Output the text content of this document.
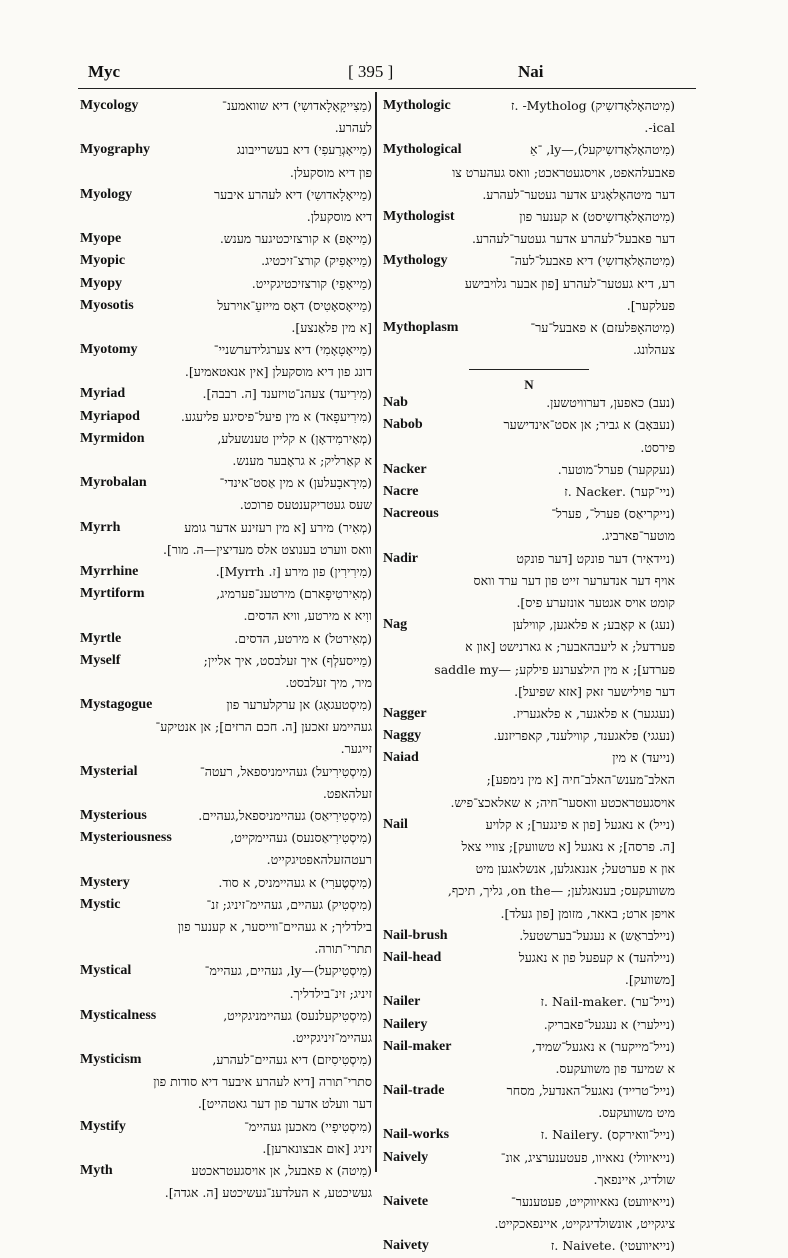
Myc	[ 395 ]	Nai
Mycology	(מַצִייקָאָלָאדושִי) דיא שוואמענ־
לעהרע.
Myography	(מַייאָגְרַעפִי) דיא בעשרייבונג
פון דיא מוסקעלן.
Myology	(מַייאָלָאדושִי) דיא לעהרע איבער
דיא מוסקעלן.
Myope	(מַייאָפ) א קורצזיכטיגער מענש.
Myopic	(מַייאָפִיק) קורצ־זיכטיג.
Myopy	(מַייאָפִי) קורצזיכטיגקייט.
Myosotis	(מַייאָסאָטִיס) דאָס מייזעַ־אוירעל
[א מין פלאַנצע].
Myotomy	(מַייאָטָאָמִי) דיא צערגלידערשניי־
דונג פון דיא מוסקעלן [אין אנאטאמיע].
Myriad	(מִירִיעד) צעהנ־טויזענד [ה. רבבה].
Myriapod	(מִירִיעפָאד) א מין פיעל־פיסיגע פליעגע.
Myrmidon	(מְאַירמִידאָן) א קליין טענשעלע,
א קאַרליק; א גראָבער מענש.
Myrobalan	(מִירָאבָעלען) א מין אַסט־אינדי־
שעס געטריקענטעס פרוכט.
Myrrh	(מְאִיר) מירע [א מין רעזינע אדער גומע
וואס ווערט בענוצט אלס מעדיצין—ה. מור].
Myrrhine	(מִירִירִין) פון מירע [ז. Myrrh].
Myrtiform	(מְאִירטִיפָארם) מירטענ־פערמיג,
ווִיא א מירטע, וויא הדסים.
Myrtle	(מְאִירטל) א מירטע, הדסים.
Myself	(מַייסעלְף) איך זעלבסט, איך אליין;
מיר, מיך זעלבסט.
Mystagogue	(מִיסְטעגאָג) אן ערקלערער פון
געהיימע זאכען [ה. חכם הרזים]; אן אנטיקע־
זייגער.
Mysterial	(מִיסְטִירִיעל) געהיימניספאל, רעטה־
זעלהאפט.
Mysterious	(מִיסְטִירִיאַס) געהיימניספאל,געהיים.
Mysteriousness	(מִיסְטִירִיאַסנעס) געהיימקייט,
רעטהזעלהאפטיגקייט.
Mystery	(מִיסְטֶערִי) א געהיימניס, א סוד.
Mystic	(מִיסְטִיק) געהיים, געהיימ־זיניג; זנ־
בילדליך; א געהיים־ווייסער, א קענער פון
תתרי־תורה.
Mystical	(מִיסְטִיקעל)—ly, געהיים, געהיימ־
זיניג; זינ־בילדליך.
Mysticalness	(מִיסְטִיקעלנעס) געהיימניגקייט,
געהיימ־זיניגקייט.
Mysticism	(מִיסְטִיסִיזם) דיא געהיים־לעהרע,
סתרי־תורה [דיא לעהרע איבער דיא סודות פון
דער וועלט אדער פון דער גאטהייט].
Mystify	(מִיסְטִיפַיי) מאכען געהיימ־
זיניג [אום אבצונארען].
Myth	(מִיטה) א פאבעל, אן אויסגעטראכטע
געשיכטע, א העלדענ־געשיכטע [ה. אגדה].
Mythologic	(מִיטהאָלאָדזשִיק) Mytholog- .ז
ical-.
Mythological	(מִיטהאָלאָדזשִיקעל),—ly, ־אַ
פאבעלהאפט, אויסגעטראכט; וואס געהערט צו
דער מיטהאָלאָגיע אדער געטער־לעהרע.
Mythologist	(מִיטהאָלאָדזשִיסט) א קענער פון
דער פאבעל־לעהרע אדער געטער־לעהרע.
Mythology	(מִיטהאָלאָדזשִי) דיא פאבעל־לעה־
רע, דיא געטער־לעהרע [פון אבער גלויבישע
פעלקער].
Mythoplasm	(מִיטהאָפּלעזם) א פאבעל־ער־
צעהלונג.
N
Nab	(נעב) כאפען, דערוויטשען.
Nabob	(נעבּאָב) א גביר; אן אסט־אינדישער
פירסט.
Nacker	(נעקקער) פערל־מוטער.
Nacre	(ניי־קער) .Nacker .ז
Nacreous	(נייקריאַס) פערל־, פערל־
מוטער־פארביג.
Nadir	(ניידאִיר) דער פונקט [דער פונקט
אויף דער אנדערער זייט פון דער ערד וואס
קומט אויס אגטער אונזערע פיס].
Nag	(נעג) א קאָבע; א פלאגען, קווילען
פערדעל; א ליעבהאבער; א גארנישט [און א
פערדע]; א מין הילצערנע פילקע; —saddle my
דער פוילישער זאק [אזא שפיעל].
Nagger	(נעגגער) א פלאגער, א פלאגעריז.
Naggy	(נעגגי) פלאגענד, קווילענד, קאפריזנע.
Naiad	(נייעד) א מין
האלב־מענש־האלב־חיה [א מין נימפע];
אויסגעטראכטע וואסער־חיה; א שאלאכצ־פיש.
Nail	(נייל) א נאגעל [פון א פינגער]; א קלויע
[ה. פרסה]; א נאגעל [א טשוועק]; צוויי צאל
און א פערטעל; אננאגלען, אנשלאגען מיט
משוועקעס; בענאגלען; —on the, גליך, תיכף,
אויפן ארט; באאר, מזומן [פון געלד].
Nail-brush	(ניילבראַש) א נעגעל־בערשטעל.
Nail-head	(ניילהעד) א קעפעל פון א נאגעל
[משוועק].
Nailer	(נייל־ער) .Nail-maker .ז
Nailery	(ניילערי) א נעגעל־פאבריק.
Nail-maker	(נייל־מייקער) א נאגעל־שמיד,
א שמיעד פון משוועקעס.
Nail-trade	(נייל־טרייד) נאגעל־האנדעל, מסחר
מיט משוועקעס.
Nail-works	(נייל־וואירקס) .Nailery .ז
Naively	(נייאיוולי) נאאיוו, פעטענערציג, אונ־
שולדיג, איינפאך.
Naivete	(נייאיוועט) נאאיווקייט, פעטענער־
ציגקייט, אונשולדיגקייט, איינפאכקייט.
Naivety	(נייאיוועטי) .Naivete .ז
